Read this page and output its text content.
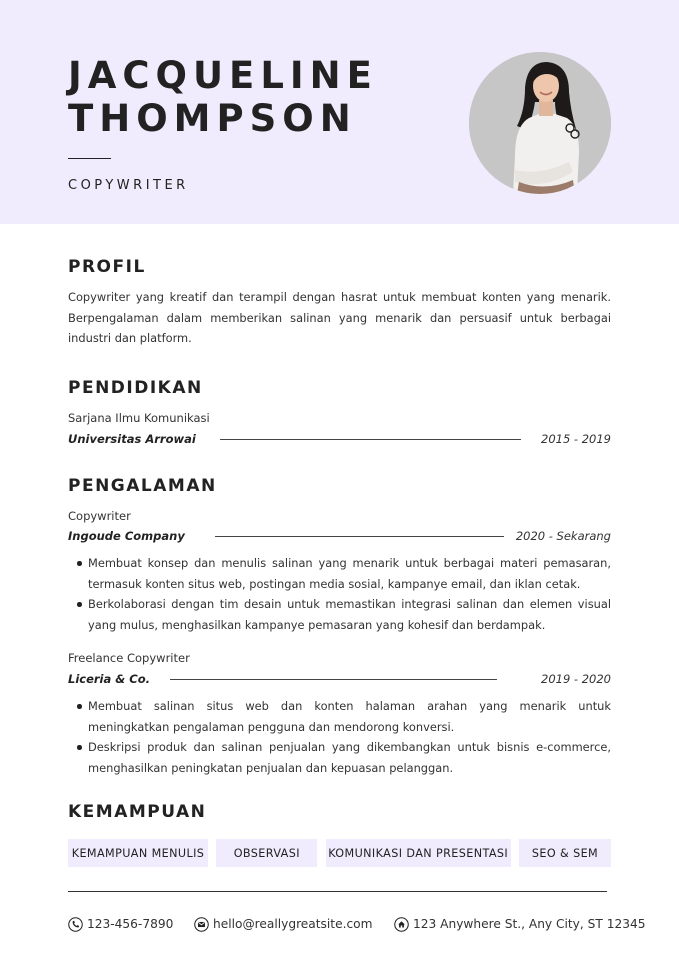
JACQUELINE
THOMPSON
COPYWRITER
PROFIL
Copywriter yang kreatif dan terampil dengan hasrat untuk membuat konten yang menarik. Berpengalaman dalam memberikan salinan yang menarik dan persuasif untuk berbagai industri dan platform.
PENDIDIKAN
Sarjana Ilmu Komunikasi
Universitas Arrowai	2015 - 2019
PENGALAMAN
Copywriter
Ingoude Company	2020 - Sekarang
Membuat konsep dan menulis salinan yang menarik untuk berbagai materi pemasaran, termasuk konten situs web, postingan media sosial, kampanye email, dan iklan cetak.
Berkolaborasi dengan tim desain untuk memastikan integrasi salinan dan elemen visual yang mulus, menghasilkan kampanye pemasaran yang kohesif dan berdampak.
Freelance Copywriter
Liceria & Co.	2019 - 2020
Membuat salinan situs web dan konten halaman arahan yang menarik untuk meningkatkan pengalaman pengguna dan mendorong konversi.
Deskripsi produk dan salinan penjualan yang dikembangkan untuk bisnis e-commerce, menghasilkan peningkatan penjualan dan kepuasan pelanggan.
KEMAMPUAN
KEMAMPUAN MENULIS	OBSERVASI	KOMUNIKASI DAN PRESENTASI	SEO & SEM
123-456-7890	hello@reallygreatsite.com	123 Anywhere St., Any City, ST 12345
